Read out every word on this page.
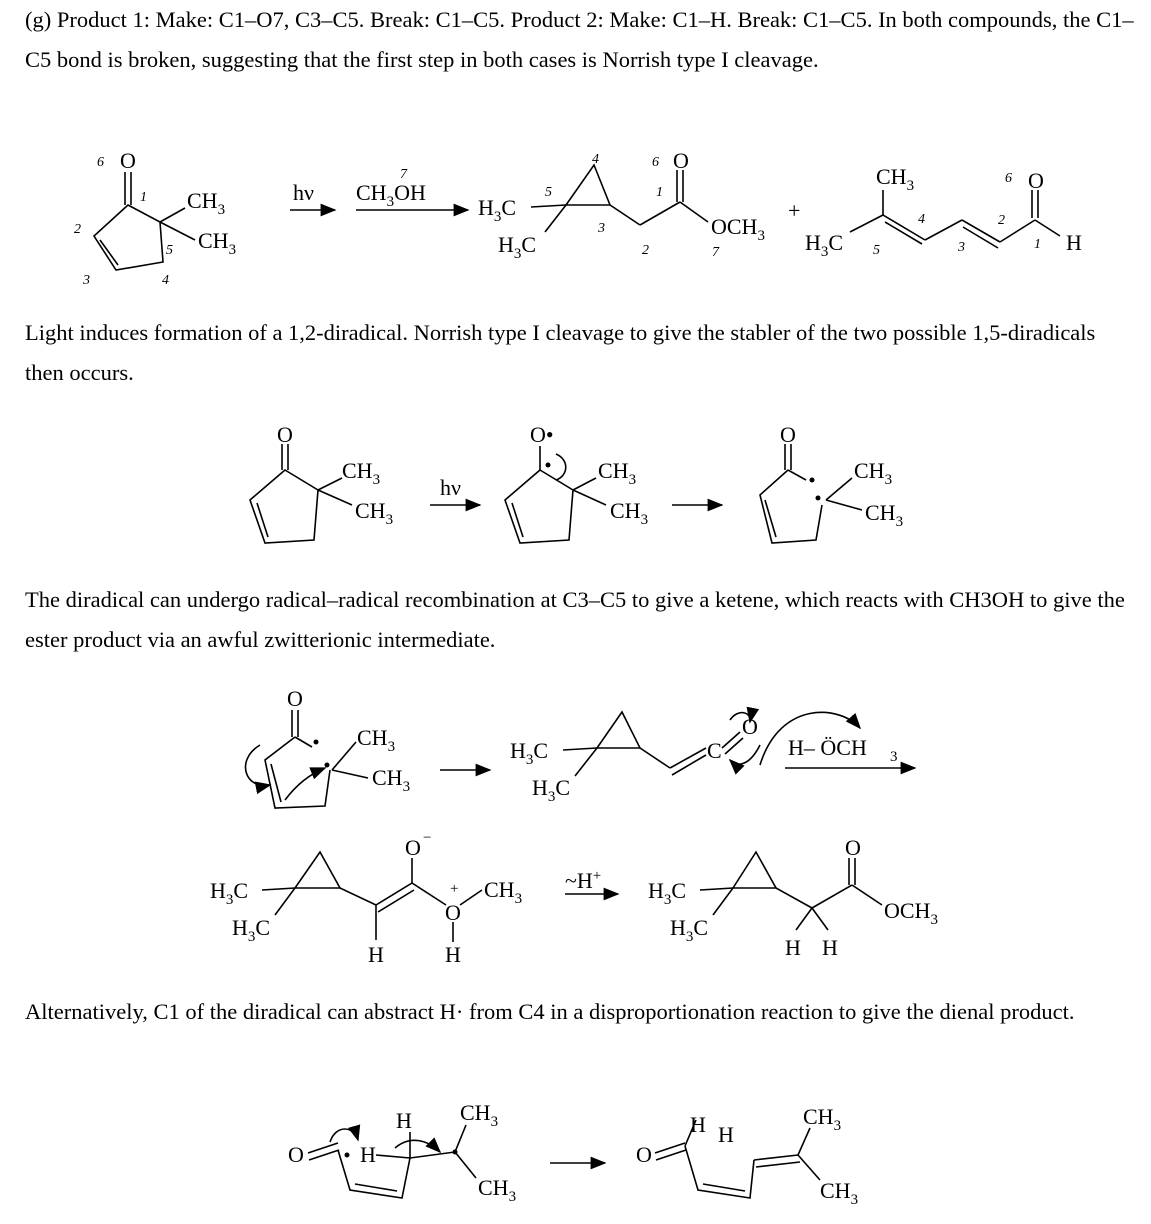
(g) Product 1: Make: C1–O7, C3–C5. Break: C1–C5. Product 2: Make: C1–H. Break: C1–C5. In both compounds, the C1–C5 bond is broken, suggesting that the first step in both cases is Norrish type I cleavage.

Light induces formation of a 1,2-diradical. Norrish type I cleavage to give the stabler of the two possible 1,5-diradicals then occurs.

The diradical can undergo radical–radical recombination at C3–C5 to give a ketene, which reacts with CH3OH to give the ester product via an awful zwitterionic intermediate.

Alternatively, C1 of the diradical can abstract H· from C4 in a disproportionation reaction to give the dienal product.

O
6
1
2
3	4
5
$CH_3$
$CH_3$
hν
7
$CH_3OH$
$H_3C$
$H_3C$
O
$OCH_3$
5
4
3
2
1
6
7
+
$H_3C$
O
$CH_3$
H
5
4
3
2
1
6
O
$CH_3$
$CH_3$
hν
O•
$CH_3$
$CH_3$
O
$CH_3$
$CH_3$
O
$CH_3$
$CH_3$
$H_3C$
$H_3C$
C
O
H– ÖCH 3
$H_3C$
$H_3C$
H
O −
O
+
H
$CH_3$
~H+
$H_3C$
$H_3C$
H H
O
$OCH_3$
O	H
H $CH_3$
$CH_3$
O
H H
$CH_3$
$CH_3$
